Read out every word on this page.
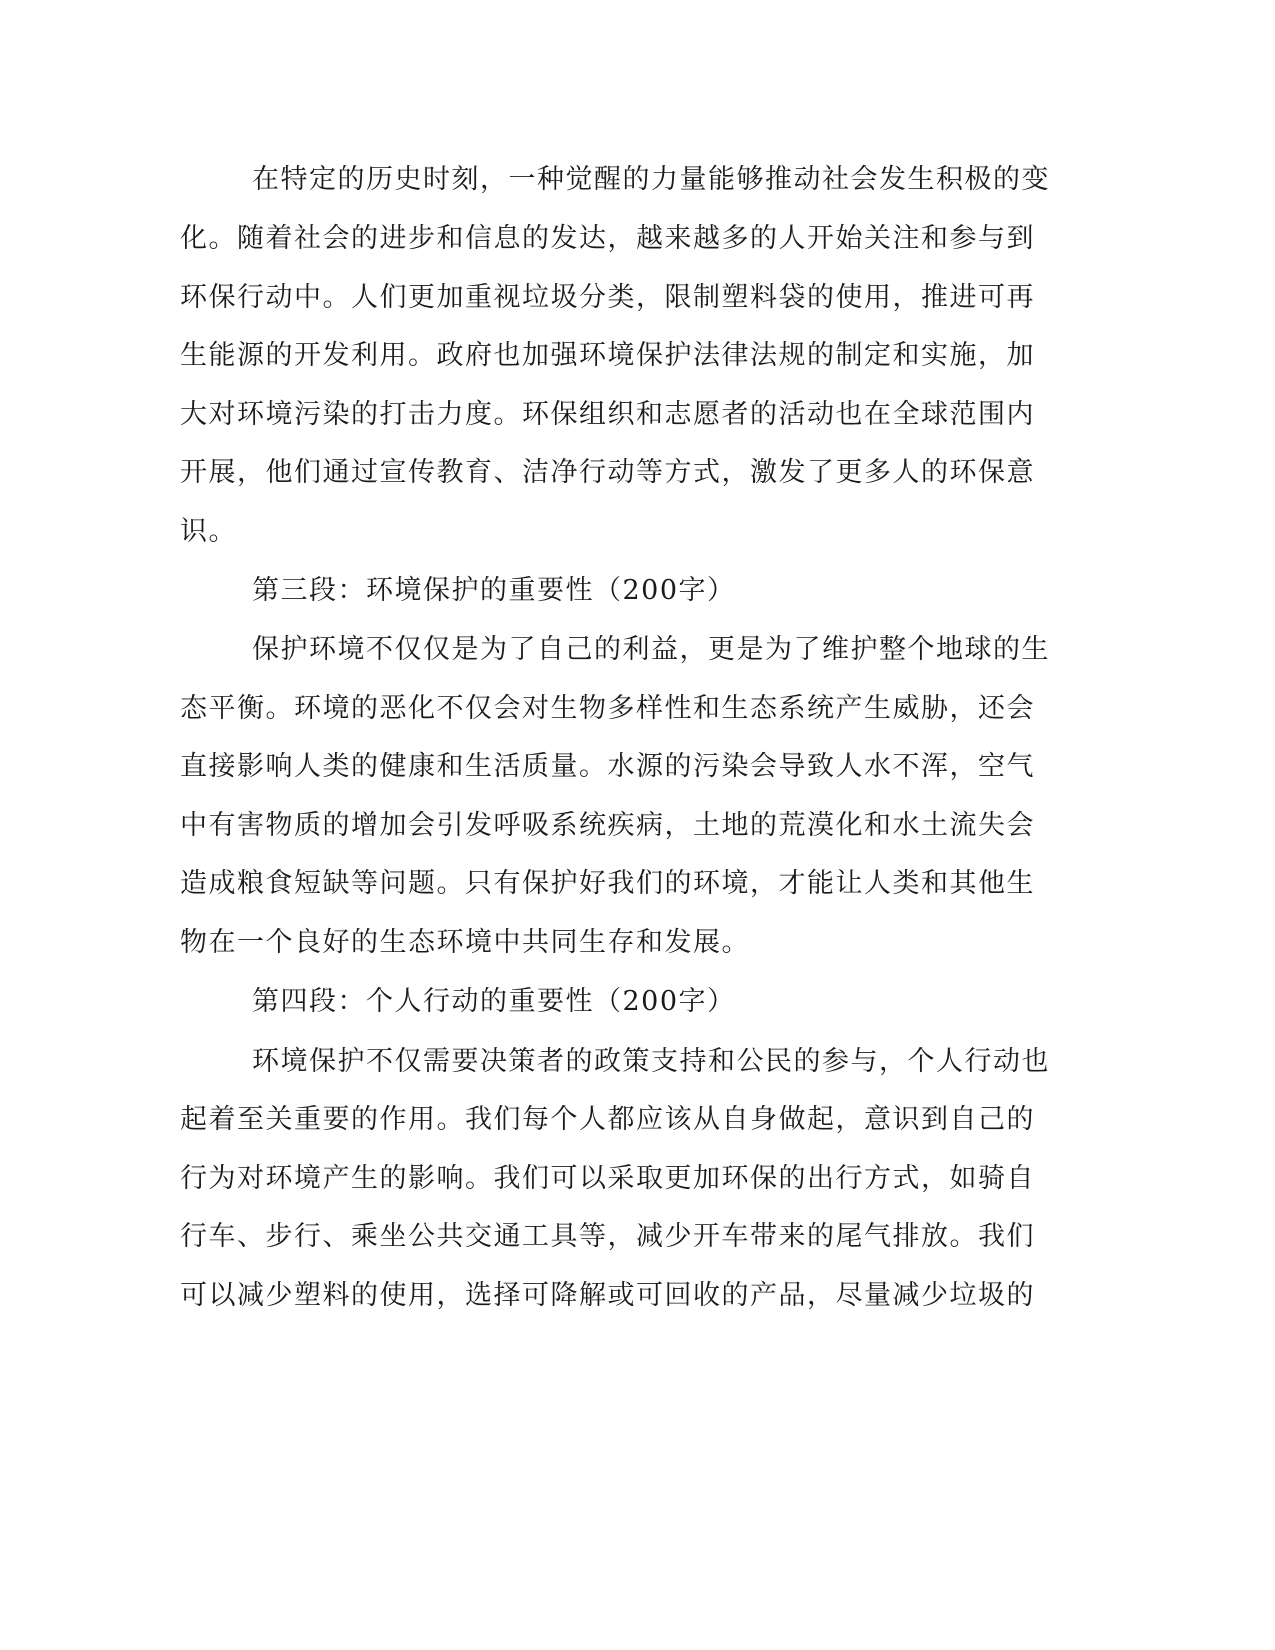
在特定的历史时刻，一种觉醒的力量能够推动社会发生积极的变
化。随着社会的进步和信息的发达，越来越多的人开始关注和参与到
环保行动中。人们更加重视垃圾分类，限制塑料袋的使用，推进可再
生能源的开发利用。政府也加强环境保护法律法规的制定和实施，加
大对环境污染的打击力度。环保组织和志愿者的活动也在全球范围内
开展，他们通过宣传教育、洁净行动等方式，激发了更多人的环保意
识。
第三段：环境保护的重要性（200字）
保护环境不仅仅是为了自己的利益，更是为了维护整个地球的生
态平衡。环境的恶化不仅会对生物多样性和生态系统产生威胁，还会
直接影响人类的健康和生活质量。水源的污染会导致人水不浑，空气
中有害物质的增加会引发呼吸系统疾病，土地的荒漠化和水土流失会
造成粮食短缺等问题。只有保护好我们的环境，才能让人类和其他生
物在一个良好的生态环境中共同生存和发展。
第四段：个人行动的重要性（200字）
环境保护不仅需要决策者的政策支持和公民的参与，个人行动也
起着至关重要的作用。我们每个人都应该从自身做起，意识到自己的
行为对环境产生的影响。我们可以采取更加环保的出行方式，如骑自
行车、步行、乘坐公共交通工具等，减少开车带来的尾气排放。我们
可以减少塑料的使用，选择可降解或可回收的产品，尽量减少垃圾的
